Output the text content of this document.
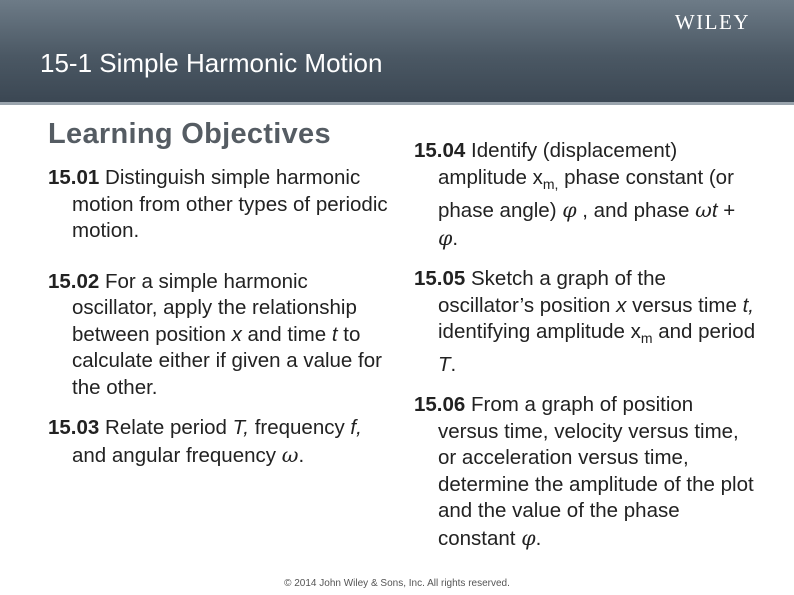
WILEY
15-1 Simple Harmonic Motion
Learning Objectives

15.01 Distinguish simple harmonic motion from other types of periodic motion.

15.02 For a simple harmonic oscillator, apply the relationship between position x and time t to calculate either if given a value for the other.

15.03 Relate period T, frequency f, and angular frequency ω.

15.04 Identify (displacement) amplitude $x_{m,}$ phase constant (or phase angle) φ , and phase ωt + φ.

15.05 Sketch a graph of the oscillator’s position x versus time t, identifying amplitude $x_m$ and period T.

15.06 From a graph of position versus time, velocity versus time, or acceleration versus time, determine the amplitude of the plot and the value of the phase constant φ.

© 2014 John Wiley & Sons, Inc. All rights reserved.
